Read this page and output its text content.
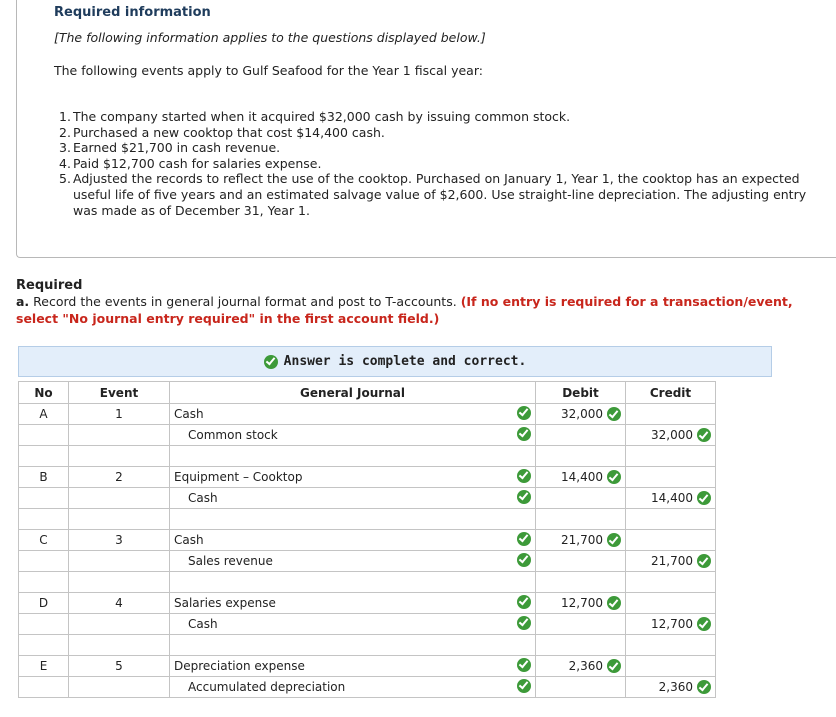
Required information
[The following information applies to the questions displayed below.]
The following events apply to Gulf Seafood for the Year 1 fiscal year:
1. The company started when it acquired $32,000 cash by issuing common stock.
2. Purchased a new cooktop that cost $14,400 cash.
3. Earned $21,700 in cash revenue.
4. Paid $12,700 cash for salaries expense.
5. Adjusted the records to reflect the use of the cooktop. Purchased on January 1, Year 1, the cooktop has an expected useful life of five years and an estimated salvage value of $2,600. Use straight-line depreciation. The adjusting entry was made as of December 31, Year 1.
Required
a. Record the events in general journal format and post to T-accounts. (If no entry is required for a transaction/event, select "No journal entry required" in the first account field.)
Answer is complete and correct.
No	Event	General Journal		Debit	Credit
A	1	Cash		32,000	
		Common stock			32,000

B	2	Equipment – Cooktop		14,400	
		Cash			14,400

C	3	Cash		21,700	
		Sales revenue			21,700

D	4	Salaries expense		12,700	
		Cash			12,700

E	5	Depreciation expense		2,360	
		Accumulated depreciation			2,360
